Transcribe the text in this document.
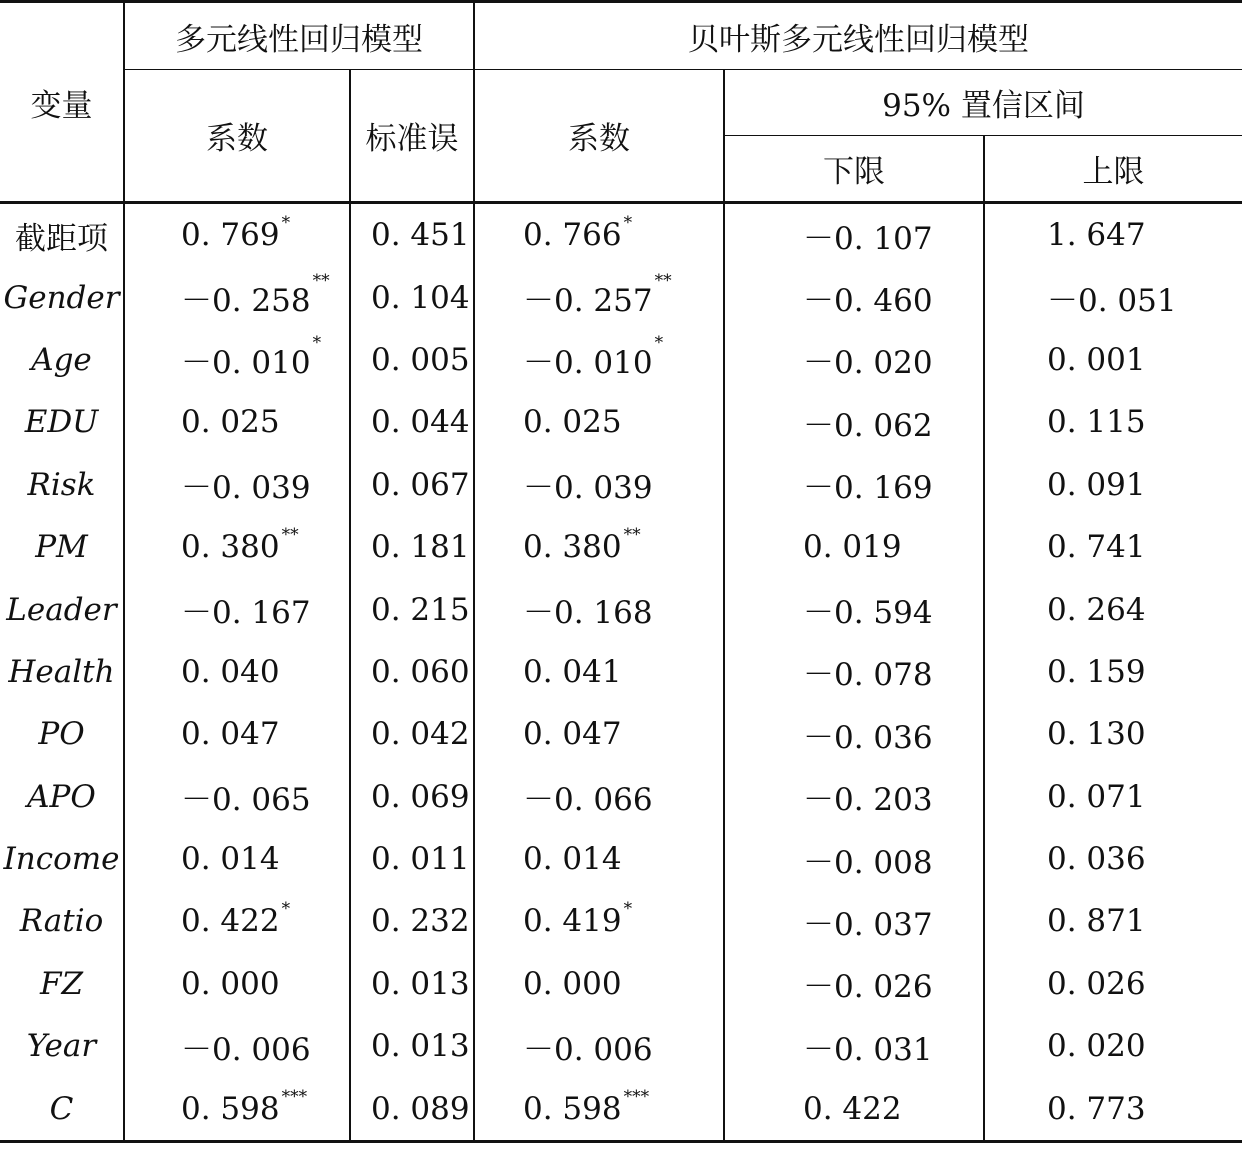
变量	多元线性回归模型		贝叶斯多元线性回归模型		
	系数	标准误	系数	95% 置信区间	
				下限	上限
截距项	0. 769 *	0. 451	0. 766 *	－0. 107	1. 647
Gender	－0. 258**	0. 104	－0. 257**	－0. 460	－0. 051
Age	－0. 010*	0. 005	－0. 010*	－0. 020	0. 001
EDU	0. 025	0. 044	0. 025	－0. 062	0. 115
Risk	－0. 039	0. 067	－0. 039	－0. 169	0. 091
PM	0. 380 **	0. 181	0. 380 **	0. 019	0. 741
Leader	－0. 167	0. 215	－0. 168	－0. 594	0. 264
Health	0. 040	0. 060	0. 041	－0. 078	0. 159
PO	0. 047	0. 042	0. 047	－0. 036	0. 130
APO	－0. 065	0. 069	－0. 066	－0. 203	0. 071
Income	0. 014	0. 011	0. 014	－0. 008	0. 036
Ratio	0. 422 *	0. 232	0. 419 *	－0. 037	0. 871
FZ	0. 000	0. 013	0. 000	－0. 026	0. 026
Year	－0. 006	0. 013	－0. 006	－0. 031	0. 020
C	0. 598 ***	0. 089	0. 598 ***	0. 422	0. 773
